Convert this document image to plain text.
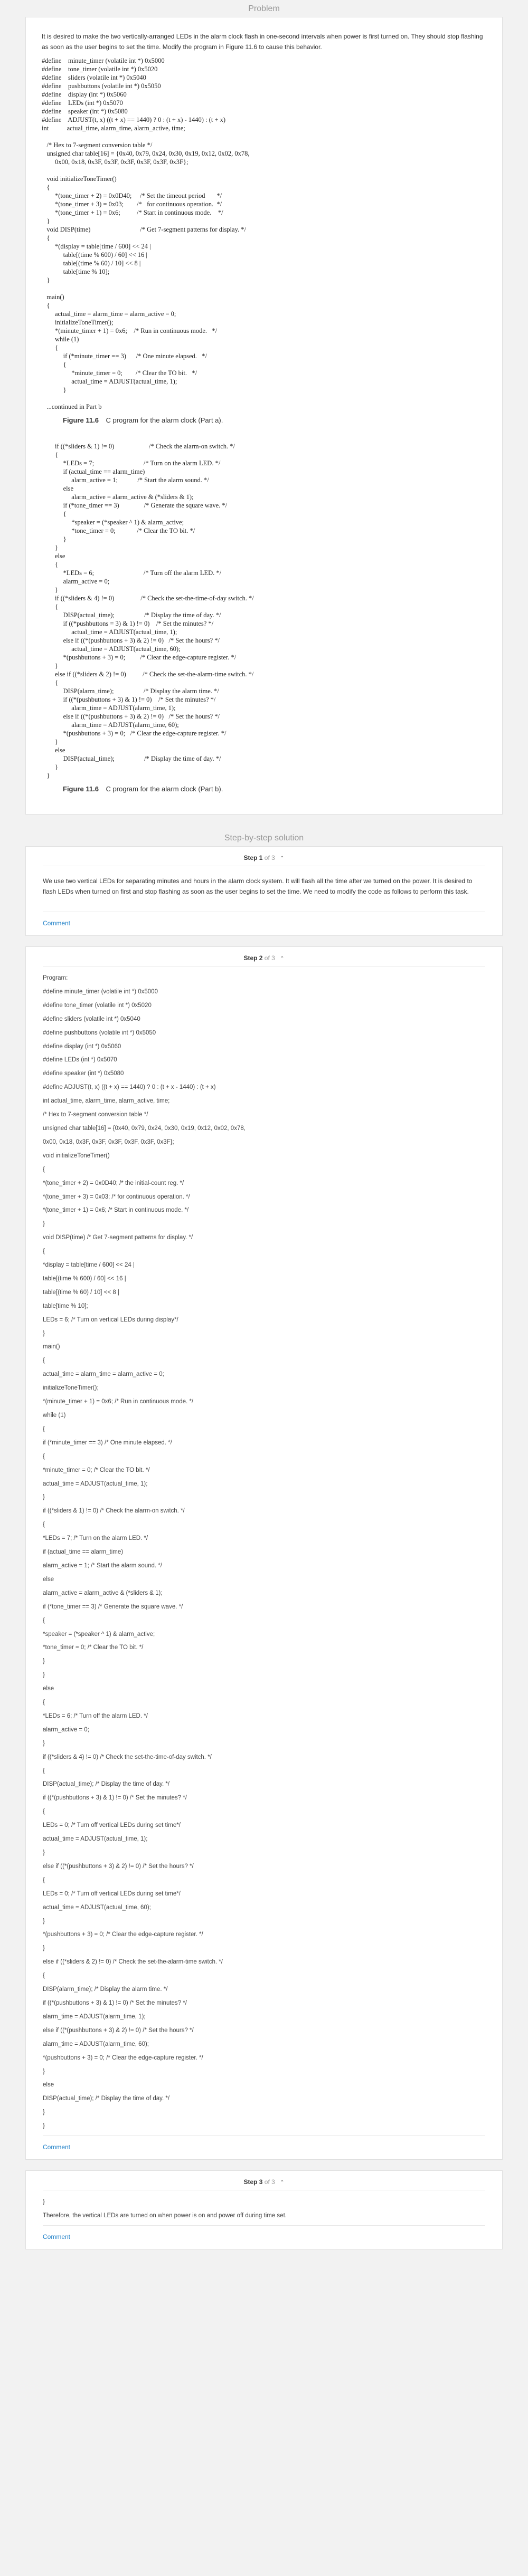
Problem

It is desired to make the two vertically-arranged LEDs in the alarm clock flash in one-second intervals when power is first turned on. They should stop flashing as soon as the user begins to set the time. Modify the program in Figure 11.6 to cause this behavior.

#define    minute_timer (volatile int *) 0x5000
#define    tone_timer (volatile int *) 0x5020
#define    sliders (volatile int *) 0x5040
#define    pushbuttons (volatile int *) 0x5050
#define    display (int *) 0x5060
#define    LEDs (int *) 0x5070
#define    speaker (int *) 0x5080
#define    ADJUST(t, x) ((t + x) == 1440) ? 0 : (t + x) - 1440) : (t + x)
int           actual_time, alarm_time, alarm_active, time;

/* Hex to 7-segment conversion table */
unsigned char table[16] = {0x40, 0x79, 0x24, 0x30, 0x19, 0x12, 0x02, 0x78,
0x00, 0x18, 0x3F, 0x3F, 0x3F, 0x3F, 0x3F, 0x3F};

void initializeToneTimer()
{
*(tone_timer + 2) = 0x0D40;     /* Set the timeout period       */
*(tone_timer + 3) = 0x03;        /*   for continuous operation.  */
*(tone_timer + 1) = 0x6;          /* Start in continuous mode.    */
}
void DISP(time)                              /* Get 7-segment patterns for display. */
{
*(display = table[time / 600] << 24 |
table[(time % 600) / 60] << 16 |
table[(time % 60) / 10] << 8 |
table[time % 10];
}

main()
{
actual_time = alarm_time = alarm_active = 0;
initializeToneTimer();
*(minute_timer + 1) = 0x6;    /* Run in continuous mode.   */
while (1)
{
if (*minute_timer == 3)      /* One minute elapsed.   */
{
*minute_timer = 0;        /* Clear the TO bit.   */
actual_time = ADJUST(actual_time, 1);
}

...continued in Part b
Figure 11.6 C program for the alarm clock (Part a).
if ((*sliders & 1) != 0)                     /* Check the alarm-on switch. */
{
*LEDs = 7;                              /* Turn on the alarm LED. */
if (actual_time == alarm_time)
alarm_active = 1;            /* Start the alarm sound. */
else
alarm_active = alarm_active & (*sliders & 1);
if (*tone_timer == 3)               /* Generate the square wave. */
{
*speaker = (*speaker ^ 1) & alarm_active;
*tone_timer = 0;             /* Clear the TO bit. */
}
}
else
{
*LEDs = 6;                              /* Turn off the alarm LED. */
alarm_active = 0;
}
if ((*sliders & 4) != 0)                /* Check the set-the-time-of-day switch. */
{
DISP(actual_time);                  /* Display the time of day. */
if ((*pushbuttons = 3) & 1) != 0)    /* Set the minutes? */
actual_time = ADJUST(actual_time, 1);
else if ((*(pushbuttons + 3) & 2) != 0)   /* Set the hours? */
actual_time = ADJUST(actual_time, 60);
*(pushbuttons + 3) = 0;         /* Clear the edge-capture register. */
}
else if ((*sliders & 2) != 0)          /* Check the set-the-alarm-time switch. */
{
DISP(alarm_time);                  /* Display the alarm time. */
if ((*(pushbuttons + 3) & 1) != 0)    /* Set the minutes? */
alarm_time = ADJUST(alarm_time, 1);
else if ((*(pushbuttons + 3) & 2) != 0)   /* Set the hours? */
alarm_time = ADJUST(alarm_time, 60);
*(pushbuttons + 3) = 0;   /* Clear the edge-capture register. */
}
else
DISP(actual_time);                  /* Display the time of day. */
}
}
Figure 11.6 C program for the alarm clock (Part b).
Step-by-step solution
Step 1 of 3 ⌃

We use two vertical LEDs for separating minutes and hours in the alarm clock system. It will flash all the time after we turned on the power. It is desired to flash LEDs when turned on first and stop flashing as soon as the user begins to set the time. We need to modify the code as follows to perform this task.

Comment
Step 2 of 3 ⌃
Program:
#define minute_timer (volatile int *) 0x5000
#define tone_timer (volatile int *) 0x5020
#define sliders (volatile int *) 0x5040
#define pushbuttons (volatile int *) 0x5050
#define display (int *) 0x5060
#define LEDs (int *) 0x5070
#define speaker (int *) 0x5080
#define ADJUST(t, x) ((t + x) == 1440) ? 0 : (t + x - 1440) : (t + x)
int actual_time, alarm_time, alarm_active, time;
/* Hex to 7-segment conversion table */
unsigned char table[16] = {0x40, 0x79, 0x24, 0x30, 0x19, 0x12, 0x02, 0x78,
0x00, 0x18, 0x3F, 0x3F, 0x3F, 0x3F, 0x3F, 0x3F};
void initializeToneTimer()
{
*(tone_timer + 2) = 0x0D40; /* the initial-count reg. */
*(tone_timer + 3) = 0x03; /* for continuous operation. */
*(tone_timer + 1) = 0x6; /* Start in continuous mode. */
}
void DISP(time) /* Get 7-segment patterns for display. */
{
*display = table[time / 600] << 24 |
table[(time % 600) / 60] << 16 |
table[(time % 60) / 10] << 8 |
table[time % 10];
LEDs = 6; /* Turn on vertical LEDs during display*/
}
main()
{
actual_time = alarm_time = alarm_active = 0;
initializeToneTimer();
*(minute_timer + 1) = 0x6; /* Run in continuous mode. */
while (1)
{
if (*minute_timer == 3) /* One minute elapsed. */
{
*minute_timer = 0; /* Clear the TO bit. */
actual_time = ADJUST(actual_time, 1);
}
if ((*sliders & 1) != 0) /* Check the alarm-on switch. */
{
*LEDs = 7; /* Turn on the alarm LED. */
if (actual_time == alarm_time)
alarm_active = 1; /* Start the alarm sound. */
else
alarm_active = alarm_active & (*sliders & 1);
if (*tone_timer == 3) /* Generate the square wave. */
{
*speaker = (*speaker ^ 1) & alarm_active;
*tone_timer = 0; /* Clear the TO bit. */
}
}
else
{
*LEDs = 6; /* Turn off the alarm LED. */
alarm_active = 0;
}
if ((*sliders & 4) != 0) /* Check the set-the-time-of-day switch. */
{
DISP(actual_time); /* Display the time of day. */
if ((*(pushbuttons + 3) & 1) != 0) /* Set the minutes? */
{
LEDs = 0; /* Turn off vertical LEDs during set time*/
actual_time = ADJUST(actual_time, 1);
}
else if ((*(pushbuttons + 3) & 2) != 0) /* Set the hours? */
{
LEDs = 0; /* Turn off vertical LEDs during set time*/
actual_time = ADJUST(actual_time, 60);
}
*(pushbuttons + 3) = 0; /* Clear the edge-capture register. */
}
else if ((*sliders & 2) != 0) /* Check the set-the-alarm-time switch. */
{
DISP(alarm_time); /* Display the alarm time. */
if ((*(pushbuttons + 3) & 1) != 0) /* Set the minutes? */
alarm_time = ADJUST(alarm_time, 1);
else if ((*(pushbuttons + 3) & 2) != 0) /* Set the hours? */
alarm_time = ADJUST(alarm_time, 60);
*(pushbuttons + 3) = 0; /* Clear the edge-capture register. */
}
else
DISP(actual_time); /* Display the time of day. */
}
}
Comment
Step 3 of 3 ⌃
}
Therefore, the vertical LEDs are turned on when power is on and power off during time set.
Comment
